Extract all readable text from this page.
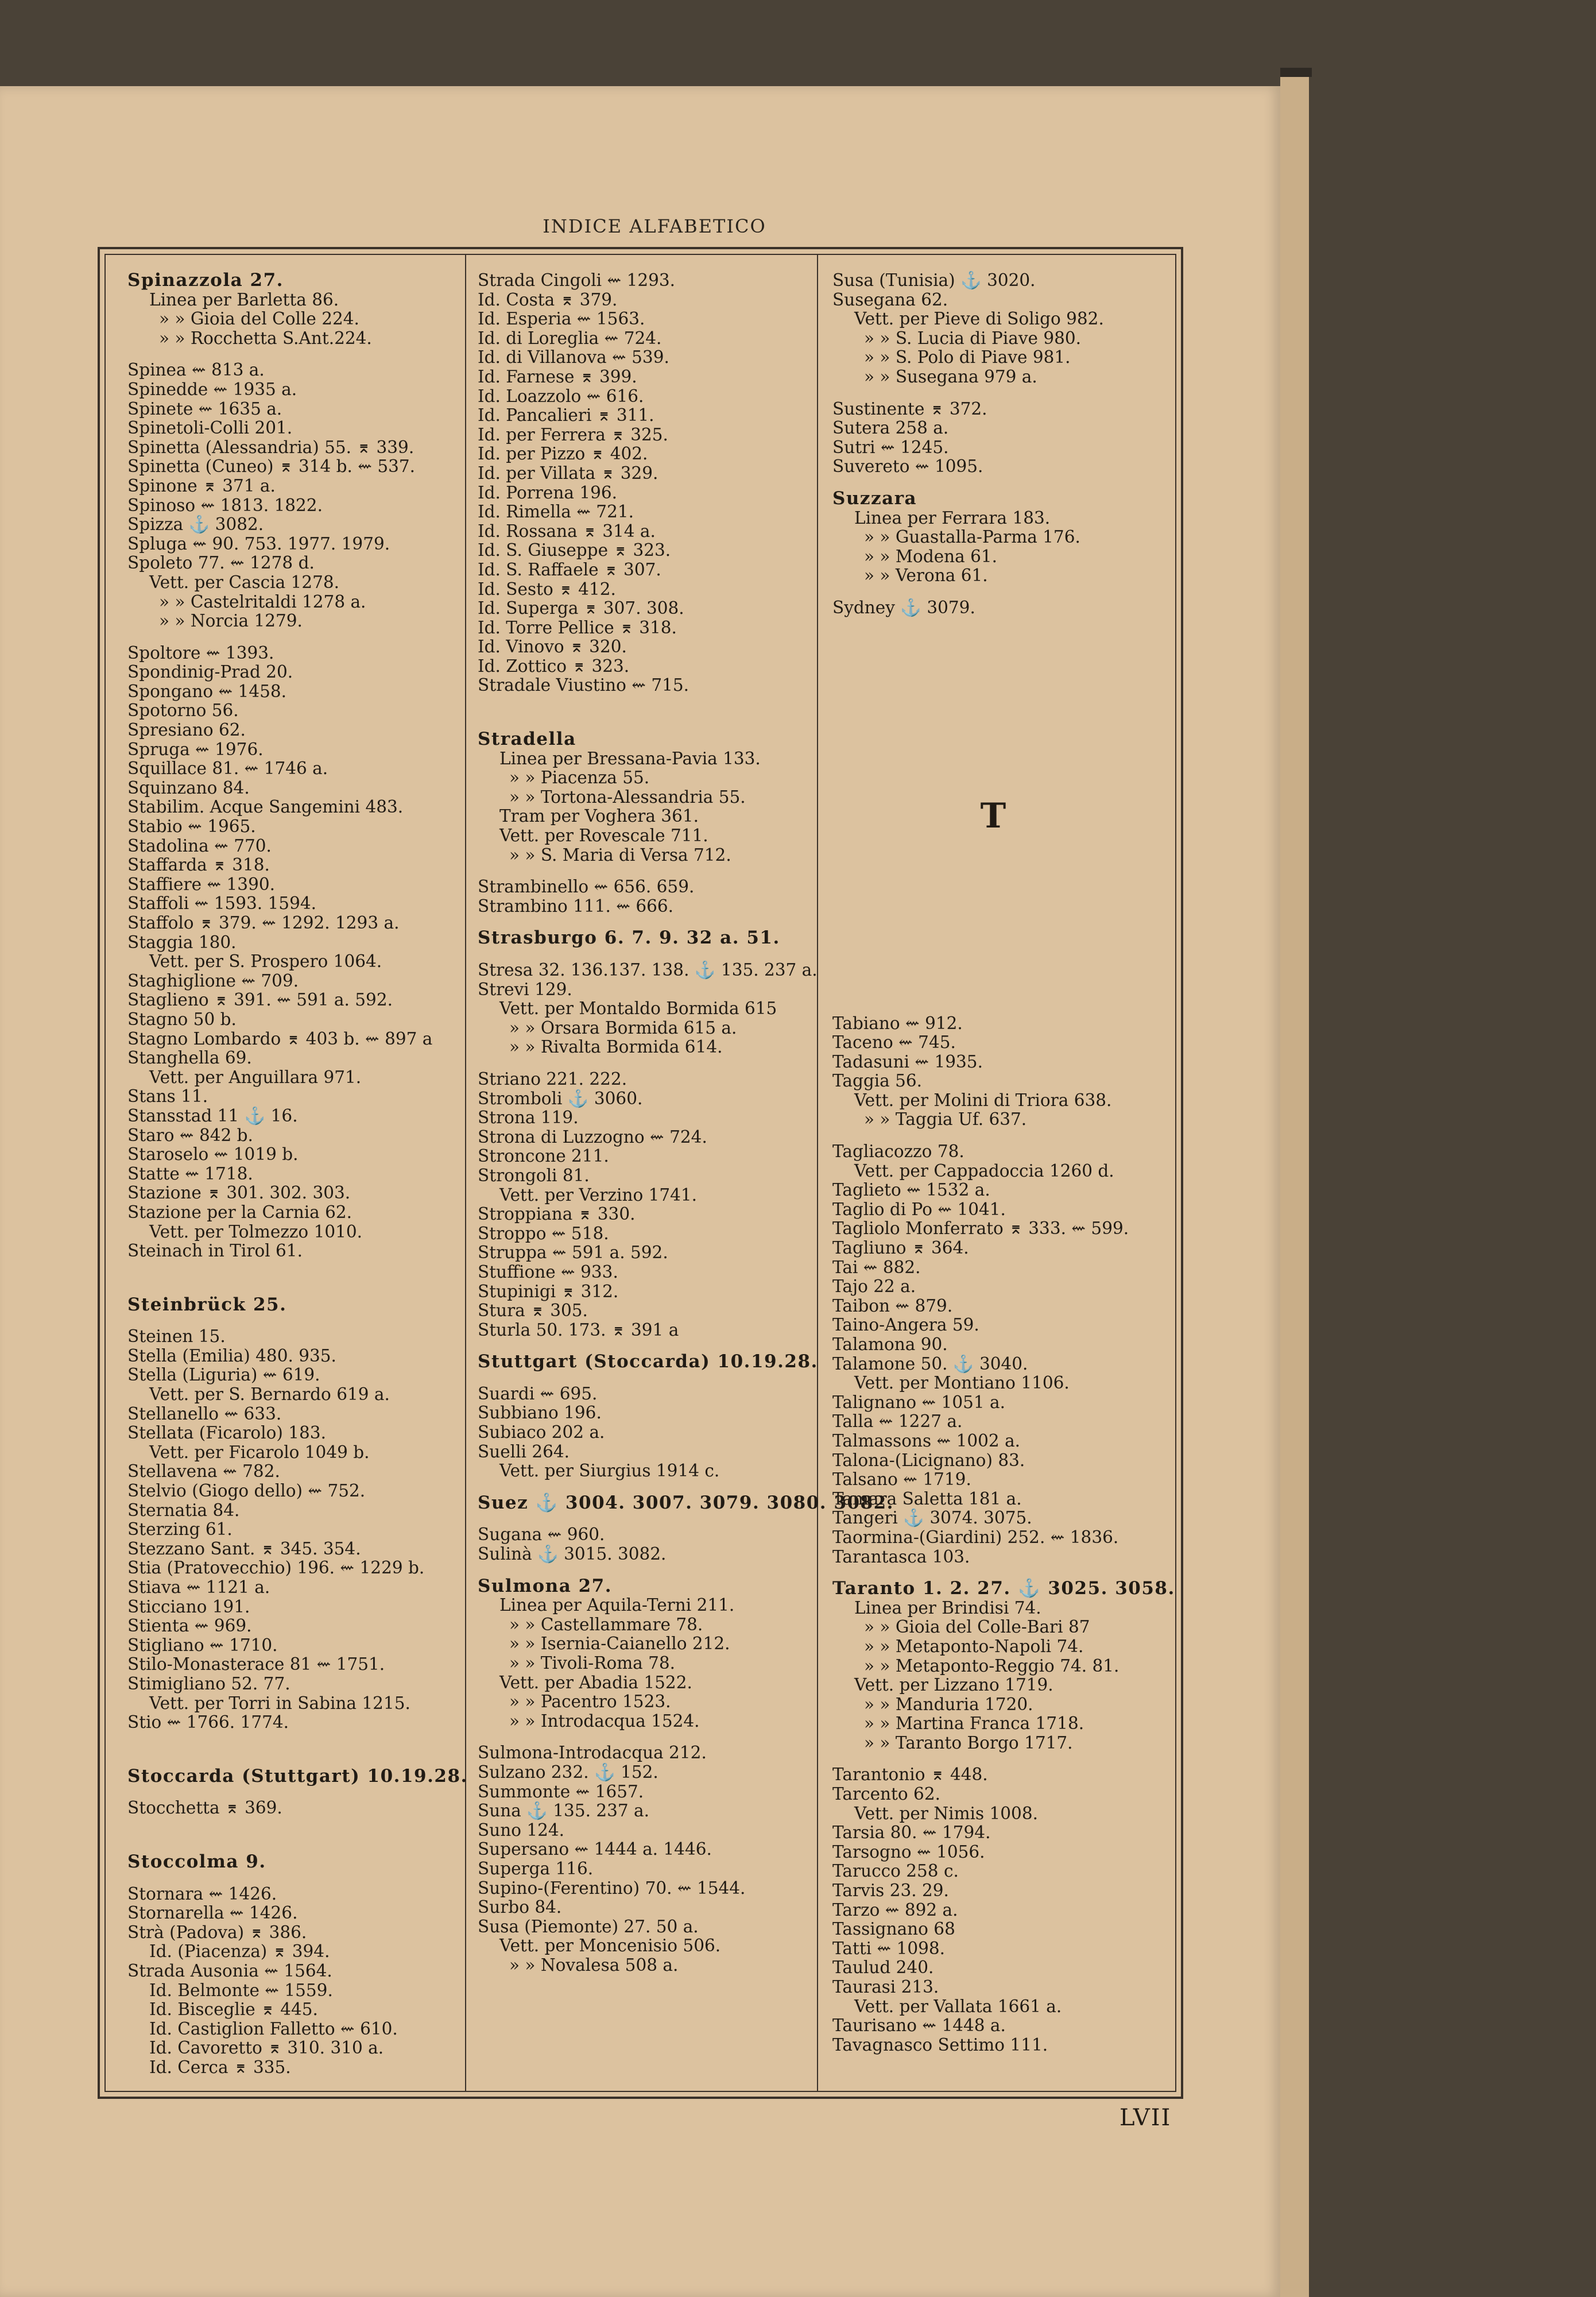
INDICE ALFABETICO
Spinazzola 27.
Linea per Barletta 86.
» » Gioia del Colle 224.
» » Rocchetta S.Ant.224.
Spinea ⇜ 813 a.
Spinedde ⇜ 1935 a.
Spinete ⇜ 1635 a.
Spinetoli-Colli 201.
Spinetta (Alessandria) 55. ⌆ 339.
Spinetta (Cuneo) ⌆ 314 b. ⇜ 537.
Spinone ⌆ 371 a.
Spinoso ⇜ 1813. 1822.
Spizza ⚓ 3082.
Spluga ⇜ 90. 753. 1977. 1979.
Spoleto 77. ⇜ 1278 d.
Vett. per Cascia 1278.
» » Castelritaldi 1278 a.
» » Norcia 1279.
Spoltore ⇜ 1393.
Spondinig-Prad 20.
Spongano ⇜ 1458.
Spotorno 56.
Spresiano 62.
Spruga ⇜ 1976.
Squillace 81. ⇜ 1746 a.
Squinzano 84.
Stabilim. Acque Sangemini 483.
Stabio ⇜ 1965.
Stadolina ⇜ 770.
Staffarda ⌆ 318.
Staffiere ⇜ 1390.
Staffoli ⇜ 1593. 1594.
Staffolo ⌆ 379. ⇜ 1292. 1293 a.
Staggia 180.
Vett. per S. Prospero 1064.
Staghiglione ⇜ 709.
Staglieno ⌆ 391. ⇜ 591 a. 592.
Stagno 50 b.
Stagno Lombardo ⌆ 403 b. ⇜ 897 a
Stanghella 69.
Vett. per Anguillara 971.
Stans 11.
Stansstad 11 ⚓ 16.
Staro ⇜ 842 b.
Staroselo ⇜ 1019 b.
Statte ⇜ 1718.
Stazione ⌆ 301. 302. 303.
Stazione per la Carnia 62.
Vett. per Tolmezzo 1010.
Steinach in Tirol 61.
Steinbrück 25.
Steinen 15.
Stella (Emilia) 480. 935.
Stella (Liguria) ⇜ 619.
Vett. per S. Bernardo 619 a.
Stellanello ⇜ 633.
Stellata (Ficarolo) 183.
Vett. per Ficarolo 1049 b.
Stellavena ⇜ 782.
Stelvio (Giogo dello) ⇜ 752.
Sternatia 84.
Sterzing 61.
Stezzano Sant. ⌆ 345. 354.
Stia (Pratovecchio) 196. ⇜ 1229 b.
Stiava ⇜ 1121 a.
Sticciano 191.
Stienta ⇜ 969.
Stigliano ⇜ 1710.
Stilo-Monasterace 81 ⇜ 1751.
Stimigliano 52. 77.
Vett. per Torri in Sabina 1215.
Stio ⇜ 1766. 1774.
Stoccarda (Stuttgart) 10.19.28.
Stocchetta ⌆ 369.
Stoccolma 9.
Stornara ⇜ 1426.
Stornarella ⇜ 1426.
Strà (Padova) ⌆ 386.
Id. (Piacenza) ⌆ 394.
Strada Ausonia ⇜ 1564.
Id. Belmonte ⇜ 1559.
Id. Bisceglie ⌆ 445.
Id. Castiglion Falletto ⇜ 610.
Id. Cavoretto ⌆ 310. 310 a.
Id. Cerca ⌆ 335.
Strada Cingoli ⇜ 1293.
Id. Costa ⌆ 379.
Id. Esperia ⇜ 1563.
Id. di Loreglia ⇜ 724.
Id. di Villanova ⇜ 539.
Id. Farnese ⌆ 399.
Id. Loazzolo ⇜ 616.
Id. Pancalieri ⌆ 311.
Id. per Ferrera ⌆ 325.
Id. per Pizzo ⌆ 402.
Id. per Villata ⌆ 329.
Id. Porrena 196.
Id. Rimella ⇜ 721.
Id. Rossana ⌆ 314 a.
Id. S. Giuseppe ⌆ 323.
Id. S. Raffaele ⌆ 307.
Id. Sesto ⌆ 412.
Id. Superga ⌆ 307. 308.
Id. Torre Pellice ⌆ 318.
Id. Vinovo ⌆ 320.
Id. Zottico ⌆ 323.
Stradale Viustino ⇜ 715.
Stradella
Linea per Bressana-Pavia 133.
» » Piacenza 55.
» » Tortona-Alessandria 55.
Tram per Voghera 361.
Vett. per Rovescale 711.
» » S. Maria di Versa 712.
Strambinello ⇜ 656. 659.
Strambino 111. ⇜ 666.
Strasburgo 6. 7. 9. 32 a. 51.
Stresa 32. 136.137. 138. ⚓ 135. 237 a.
Strevi 129.
Vett. per Montaldo Bormida 615
» » Orsara Bormida 615 a.
» » Rivalta Bormida 614.
Striano 221. 222.
Stromboli ⚓ 3060.
Strona 119.
Strona di Luzzogno ⇜ 724.
Stroncone 211.
Strongoli 81.
Vett. per Verzino 1741.
Stroppiana ⌆ 330.
Stroppo ⇜ 518.
Struppa ⇜ 591 a. 592.
Stuffione ⇜ 933.
Stupinigi ⌆ 312.
Stura ⌆ 305.
Sturla 50. 173. ⌆ 391 a
Stuttgart (Stoccarda) 10.19.28.
Suardi ⇜ 695.
Subbiano 196.
Subiaco 202 a.
Suelli 264.
Vett. per Siurgius 1914 c.
Suez ⚓ 3004. 3007. 3079. 3080. 3082.
Sugana ⇜ 960.
Sulinà ⚓ 3015. 3082.
Sulmona 27.
Linea per Aquila-Terni 211.
» » Castellammare 78.
» » Isernia-Caianello 212.
» » Tivoli-Roma 78.
Vett. per Abadia 1522.
» » Pacentro 1523.
» » Introdacqua 1524.
Sulmona-Introdacqua 212.
Sulzano 232. ⚓ 152.
Summonte ⇜ 1657.
Suna ⚓ 135. 237 a.
Suno 124.
Supersano ⇜ 1444 a. 1446.
Superga 116.
Supino-(Ferentino) 70. ⇜ 1544.
Surbo 84.
Susa (Piemonte) 27. 50 a.
Vett. per Moncenisio 506.
» » Novalesa 508 a.
Susa (Tunisia) ⚓ 3020.
Susegana 62.
Vett. per Pieve di Soligo 982.
» » S. Lucia di Piave 980.
» » S. Polo di Piave 981.
» » Susegana 979 a.
Sustinente ⌆ 372.
Sutera 258 a.
Sutri ⇜ 1245.
Suvereto ⇜ 1095.
Suzzara
Linea per Ferrara 183.
» » Guastalla-Parma 176.
» » Modena 61.
» » Verona 61.
Sydney ⚓ 3079.
T
Tabiano ⇜ 912.
Taceno ⇜ 745.
Tadasuni ⇜ 1935.
Taggia 56.
Vett. per Molini di Triora 638.
» » Taggia Uf. 637.
Tagliacozzo 78.
Vett. per Cappadoccia 1260 d.
Taglieto ⇜ 1532 a.
Taglio di Po ⇜ 1041.
Tagliolo Monferrato ⌆ 333. ⇜ 599.
Tagliuno ⌆ 364.
Tai ⇜ 882.
Tajo 22 a.
Taibon ⇜ 879.
Taino-Angera 59.
Talamona 90.
Talamone 50. ⚓ 3040.
Vett. per Montiano 1106.
Talignano ⇜ 1051 a.
Talla ⇜ 1227 a.
Talmassons ⇜ 1002 a.
Talona-(Licignano) 83.
Talsano ⇜ 1719.
Tamara Saletta 181 a.
Tangeri ⚓ 3074. 3075.
Taormina-(Giardini) 252. ⇜ 1836.
Tarantasca 103.
Taranto 1. 2. 27. ⚓ 3025. 3058.
Linea per Brindisi 74.
» » Gioia del Colle-Bari 87
» » Metaponto-Napoli 74.
» » Metaponto-Reggio 74. 81.
Vett. per Lizzano 1719.
» » Manduria 1720.
» » Martina Franca 1718.
» » Taranto Borgo 1717.
Tarantonio ⌆ 448.
Tarcento 62.
Vett. per Nimis 1008.
Tarsia 80. ⇜ 1794.
Tarsogno ⇜ 1056.
Tarucco 258 c.
Tarvis 23. 29.
Tarzo ⇜ 892 a.
Tassignano 68
Tatti ⇜ 1098.
Taulud 240.
Taurasi 213.
Vett. per Vallata 1661 a.
Taurisano ⇜ 1448 a.
Tavagnasco Settimo 111.
LVII
